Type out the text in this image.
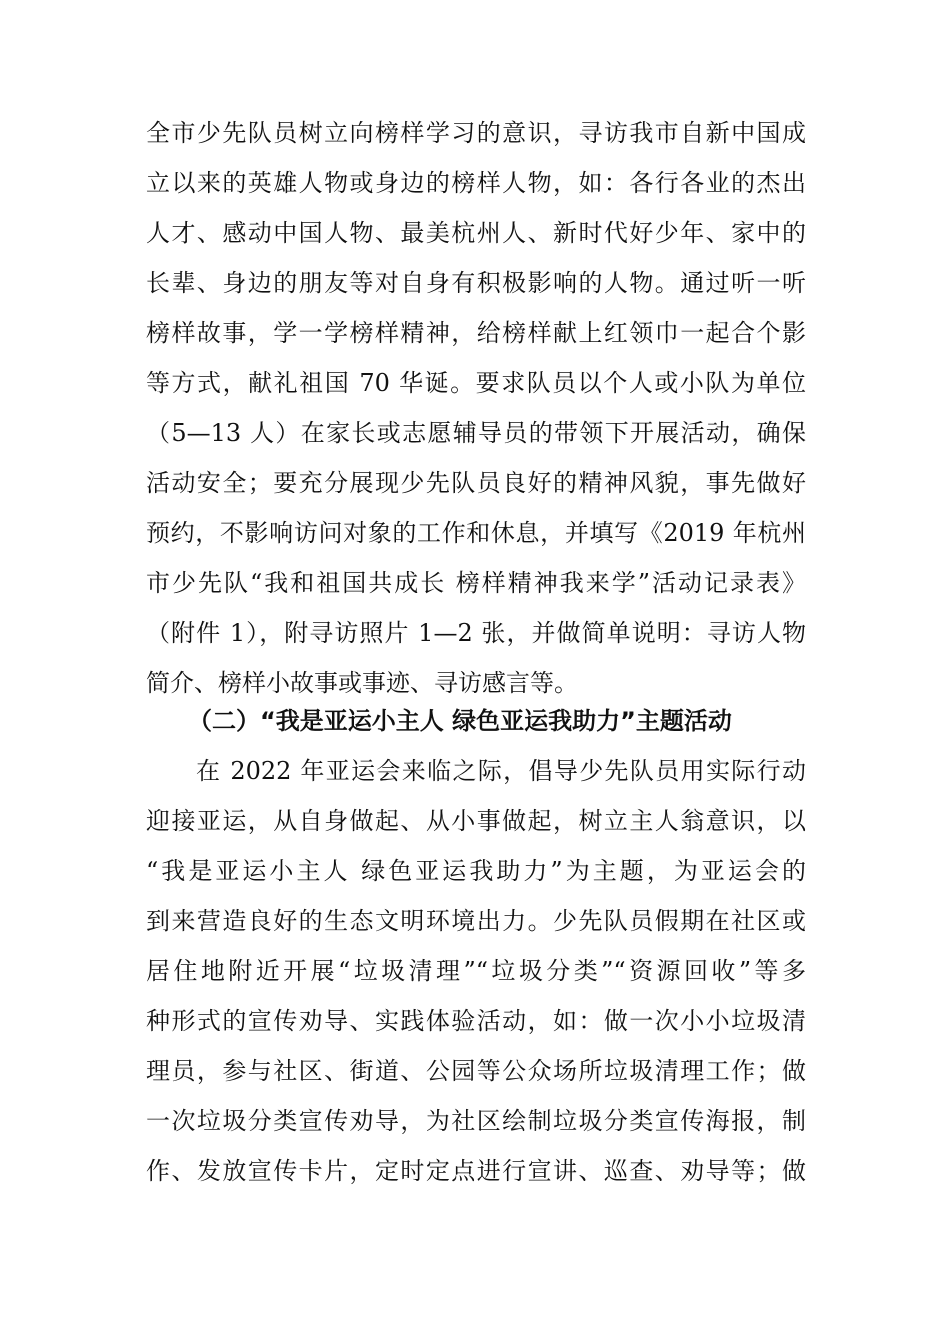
全市少先队员树立向榜样学习的意识，寻访我市自新中国成
立以来的英雄人物或身边的榜样人物，如：各行各业的杰出
人才、感动中国人物、最美杭州人、新时代好少年、家中的
长辈、身边的朋友等对自身有积极影响的人物。通过听一听
榜样故事，学一学榜样精神，给榜样献上红领巾一起合个影
等方式，献礼祖国 70 华诞。要求队员以个人或小队为单位
（5—13 人）在家长或志愿辅导员的带领下开展活动，确保
活动安全；要充分展现少先队员良好的精神风貌，事先做好
预约，不影响访问对象的工作和休息，并填写《2019 年杭州
市少先队“我和祖国共成长 榜样精神我来学”活动记录表》
（附件 1），附寻访照片 1—2 张，并做简单说明：寻访人物
简介、榜样小故事或事迹、寻访感言等。
（二）“我是亚运小主人 绿色亚运我助力”主题活动
在 2022 年亚运会来临之际，倡导少先队员用实际行动
迎接亚运，从自身做起、从小事做起，树立主人翁意识，以
“我是亚运小主人 绿色亚运我助力”为主题，为亚运会的
到来营造良好的生态文明环境出力。少先队员假期在社区或
居住地附近开展“垃圾清理”“垃圾分类”“资源回收”等多
种形式的宣传劝导、实践体验活动，如：做一次小小垃圾清
理员，参与社区、街道、公园等公众场所垃圾清理工作；做
一次垃圾分类宣传劝导，为社区绘制垃圾分类宣传海报，制
作、发放宣传卡片，定时定点进行宣讲、巡查、劝导等；做
